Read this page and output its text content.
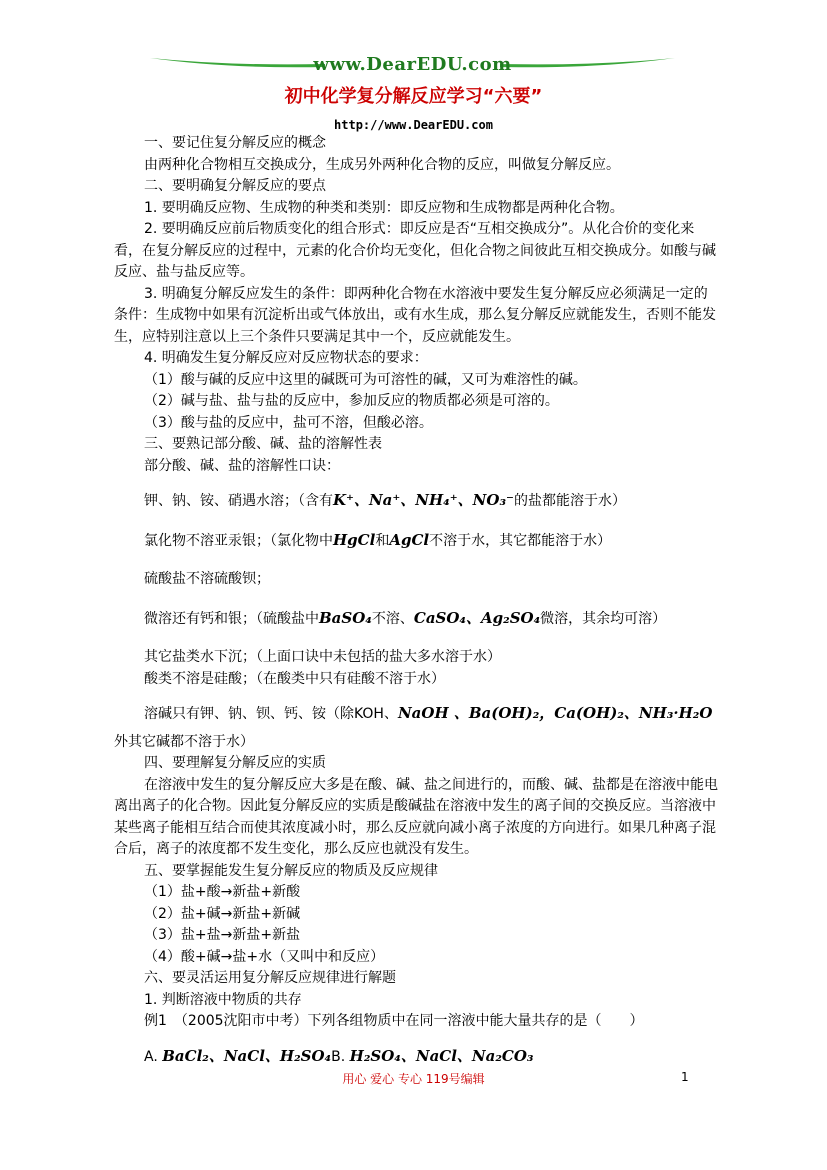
www.DearEDU.com
初中化学复分解反应学习“六要”
http://www.DearEDU.com

一、要记住复分解反应的概念

由两种化合物相互交换成分，生成另外两种化合物的反应，叫做复分解反应。

二、要明确复分解反应的要点

1. 要明确反应物、生成物的种类和类别：即反应物和生成物都是两种化合物。

2. 要明确反应前后物质变化的组合形式：即反应是否“互相交换成分”。从化合价的变化来看，在复分解反应的过程中，元素的化合价均无变化，但化合物之间彼此互相交换成分。如酸与碱反应、盐与盐反应等。

3. 明确复分解反应发生的条件：即两种化合物在水溶液中要发生复分解反应必须满足一定的条件：生成物中如果有沉淀析出或气体放出，或有水生成，那么复分解反应就能发生，否则不能发生，应特别注意以上三个条件只要满足其中一个，反应就能发生。

4. 明确发生复分解反应对反应物状态的要求：

（1）酸与碱的反应中这里的碱既可为可溶性的碱，又可为难溶性的碱。

（2）碱与盐、盐与盐的反应中，参加反应的物质都必须是可溶的。

（3）酸与盐的反应中，盐可不溶，但酸必溶。

三、要熟记部分酸、碱、盐的溶解性表

部分酸、碱、盐的溶解性口诀：

钾、钠、铵、硝遇水溶；（含有K⁺、Na⁺、NH₄⁺、NO₃⁻的盐都能溶于水）

氯化物不溶亚汞银；（氯化物中HgCl和AgCl不溶于水，其它都能溶于水）

硫酸盐不溶硫酸钡；

微溶还有钙和银；（硫酸盐中BaSO₄不溶、CaSO₄、Ag₂SO₄微溶，其余均可溶）

其它盐类水下沉；（上面口诀中未包括的盐大多水溶于水）

酸类不溶是硅酸；（在酸类中只有硅酸不溶于水）

溶碱只有钾、钠、钡、钙、铵（除KOH、NaOH 、Ba(OH)₂，Ca(OH)₂、NH₃·H₂O

外其它碱都不溶于水）

四、要理解复分解反应的实质

在溶液中发生的复分解反应大多是在酸、碱、盐之间进行的，而酸、碱、盐都是在溶液中能电离出离子的化合物。因此复分解反应的实质是酸碱盐在溶液中发生的离子间的交换反应。当溶液中某些离子能相互结合而使其浓度减小时，那么反应就向减小离子浓度的方向进行。如果几种离子混合后，离子的浓度都不发生变化，那么反应也就没有发生。

五、要掌握能发生复分解反应的物质及反应规律

（1）盐+酸→新盐+新酸

（2）盐+碱→新盐+新碱

（3）盐+盐→新盐+新盐

（4）酸+碱→盐+水（又叫中和反应）

六、要灵活运用复分解反应规律进行解题

1. 判断溶液中物质的共存

例1　（2005沈阳市中考）下列各组物质中在同一溶液中能大量共存的是（　　）

A. BaCl₂、NaCl、H₂SO₄B. H₂SO₄、NaCl、Na₂CO₃

用心 爱心 专心 119号编辑	1
